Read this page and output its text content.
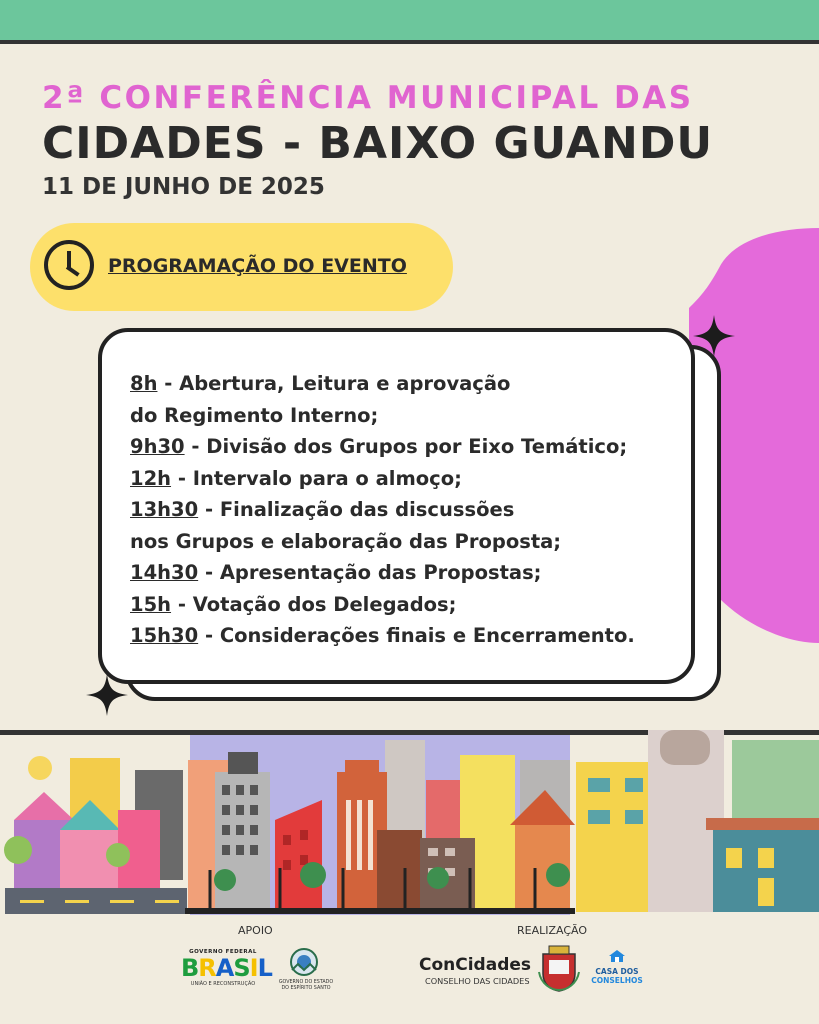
2ª CONFERÊNCIA MUNICIPAL DAS
CIDADES - BAIXO GUANDU
11 DE JUNHO DE 2025
PROGRAMAÇÃO DO EVENTO
8h - Abertura, Leitura e aprovação
do Regimento Interno;
9h30 - Divisão dos Grupos por Eixo Temático;
12h - Intervalo para o almoço;
13h30 - Finalização das discussões
nos Grupos e elaboração das Proposta;
14h30 - Apresentação das Propostas;
15h - Votação dos Delegados;
15h30 - Considerações finais e Encerramento.
APOIO	REALIZAÇÃO
GOVERNO FEDERAL
BRASIL
UNIÃO E RECONSTRUÇÃO	GOVERNO DO ESTADO DO ESPÍRITO SANTO
ConCidades
CONSELHO DAS CIDADES
CASA DOS
CONSELHOS
